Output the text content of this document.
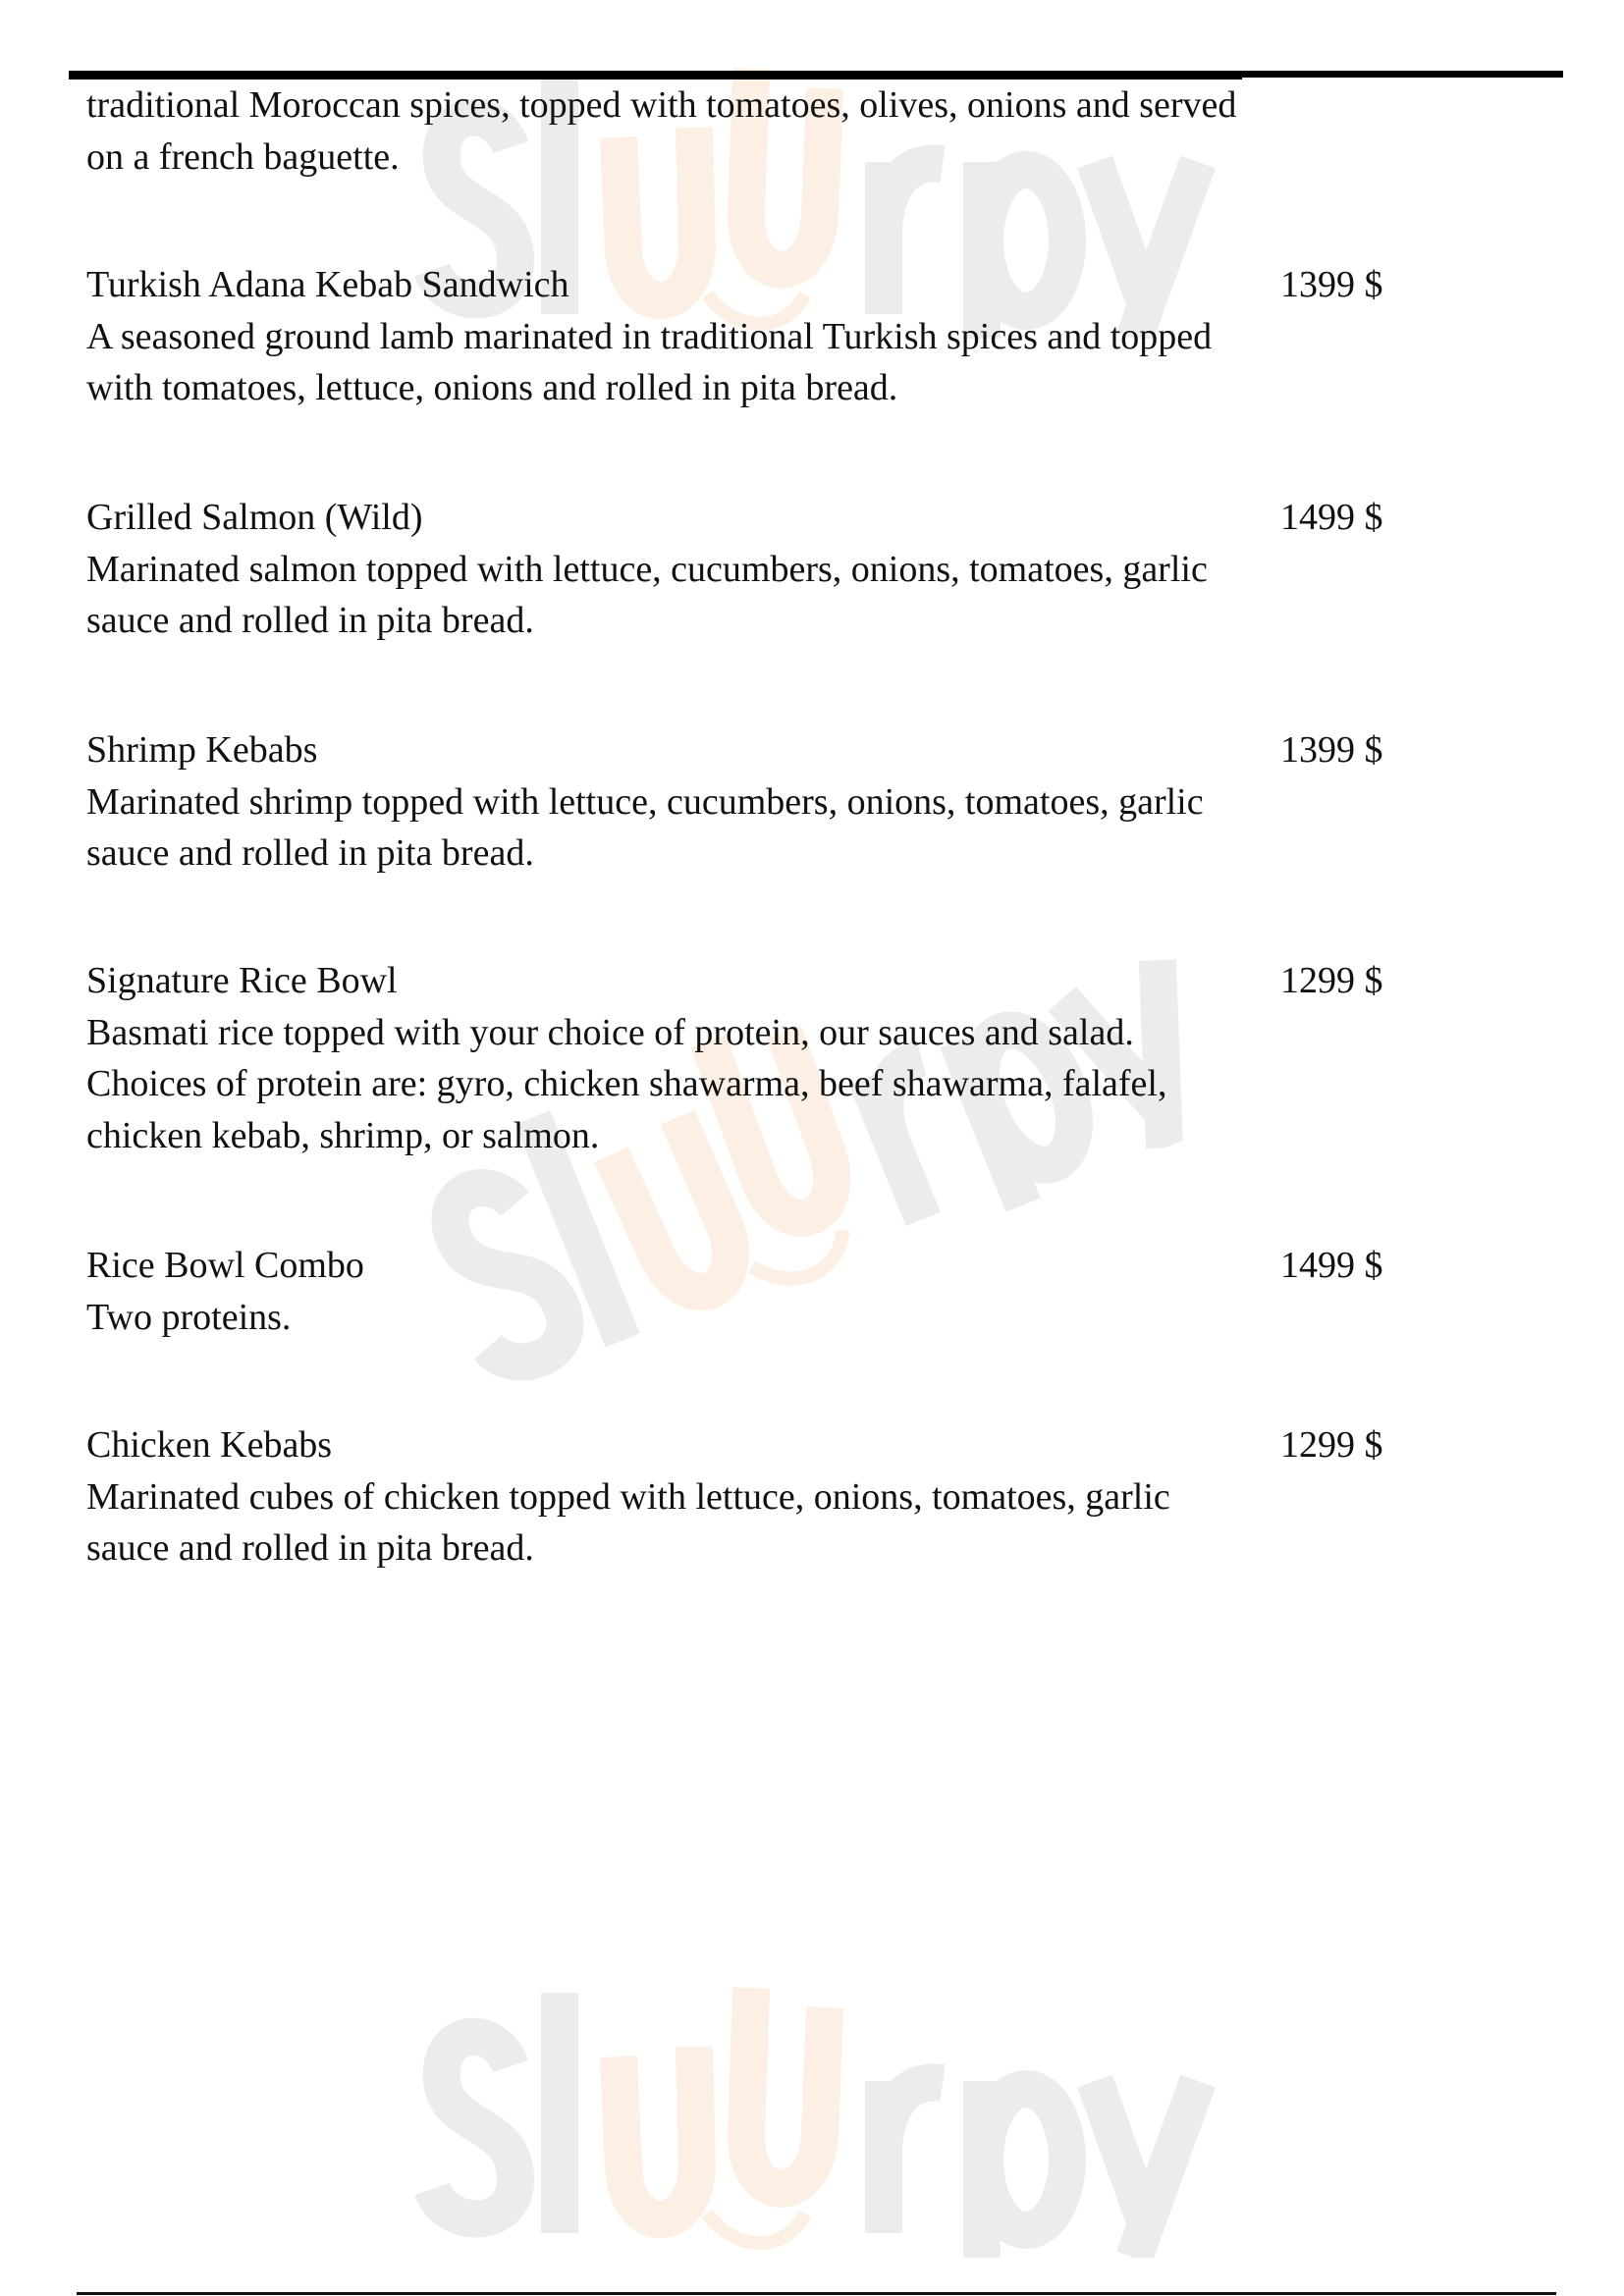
traditional Moroccan spices, topped with tomatoes, olives, onions and served on a french baguette.
Turkish Adana Kebab Sandwich	1399 $
A seasoned ground lamb marinated in traditional Turkish spices and topped with tomatoes, lettuce, onions and rolled in pita bread.
Grilled Salmon (Wild)	1499 $
Marinated salmon topped with lettuce, cucumbers, onions, tomatoes, garlic sauce and rolled in pita bread.
Shrimp Kebabs	1399 $
Marinated shrimp topped with lettuce, cucumbers, onions, tomatoes, garlic sauce and rolled in pita bread.
Signature Rice Bowl	1299 $
Basmati rice topped with your choice of protein, our sauces and salad. Choices of protein are: gyro, chicken shawarma, beef shawarma, falafel, chicken kebab, shrimp, or salmon.
Rice Bowl Combo	1499 $
Two proteins.
Chicken Kebabs	1299 $
Marinated cubes of chicken topped with lettuce, onions, tomatoes, garlic sauce and rolled in pita bread.
